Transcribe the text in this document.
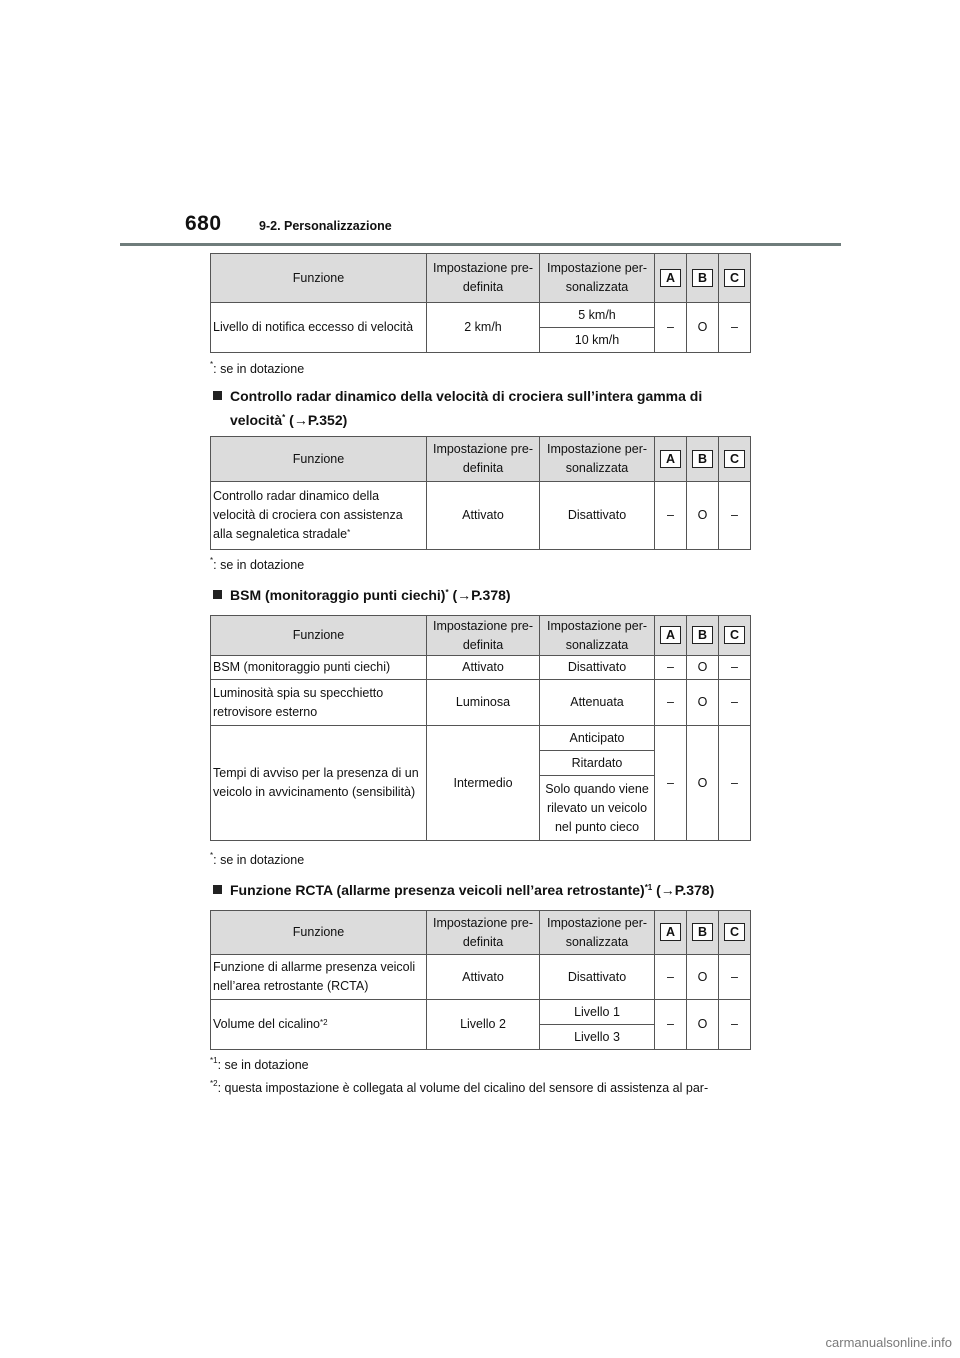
680	9-2. Personalizzazione
Funzione	Impostazione pre-definita	Impostazione per-sonalizzata	A	B	C
Livello di notifica eccesso di velocità	2 km/h	5 km/h	–	O	–
		10 km/h			
*: se in dotazione
Controllo radar dinamico della velocità di crociera sull’intera gamma di
velocità* (→P.352)
Funzione	Impostazione pre-definita	Impostazione per-sonalizzata	A	B	C
Controllo radar dinamico della velocità di crociera con assistenza alla segnaletica stradale*	Attivato	Disattivato	–	O	–
*: se in dotazione
BSM (monitoraggio punti ciechi)* (→P.378)
Funzione	Impostazione pre-definita	Impostazione per-sonalizzata	A	B	C
BSM (monitoraggio punti ciechi)	Attivato	Disattivato	–	O	–
Luminosità spia su specchietto retrovisore esterno	Luminosa	Attenuata	–	O	–
Tempi di avviso per la presenza di un veicolo in avvicinamento (sensibilità)	Intermedio	Anticipato	–	O	–
		Ritardato			
		Solo quando viene rilevato un veicolo nel punto cieco			
*: se in dotazione
Funzione RCTA (allarme presenza veicoli nell’area retrostante)$^{*1}$ (→P.378)
Funzione	Impostazione pre-definita	Impostazione per-sonalizzata	A	B	C
Funzione di allarme presenza veicoli nell’area retrostante (RCTA)	Attivato	Disattivato	–	O	–
Volume del cicalino$^{*2}$	Livello 2	Livello 1	–	O	–
		Livello 3			
$^{*1}$: se in dotazione
$^{*2}$: questa impostazione è collegata al volume del cicalino del sensore di assistenza al par-
carmanualsonline.info
